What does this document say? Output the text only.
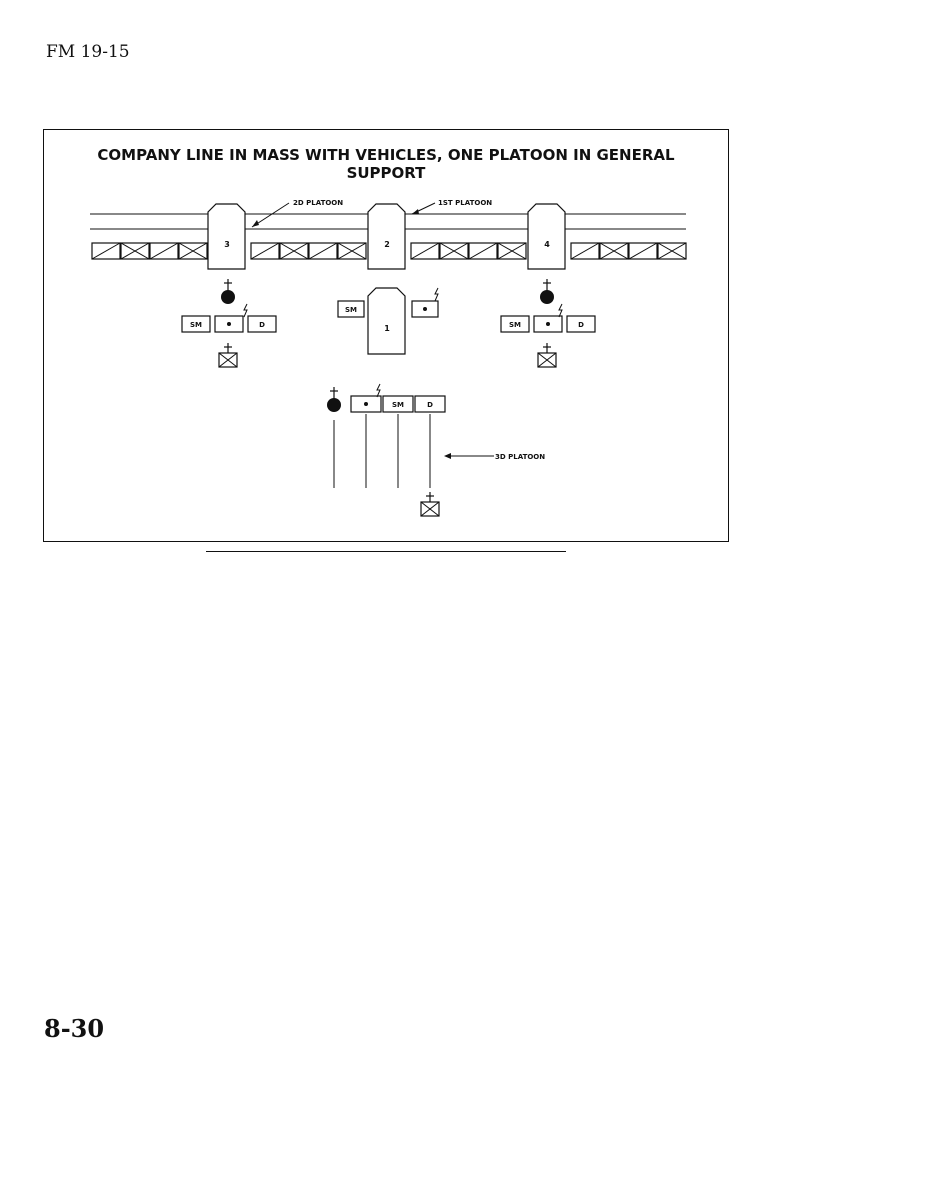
FM 19-15
COMPANY LINE IN MASS WITH VEHICLES, ONE PLATOON IN GENERAL
SUPPORT
3	2	4
2D PLATOON	1ST PLATOON
SM	D	1
SM
SM	D
SM	D
3D PLATOON
8-30
